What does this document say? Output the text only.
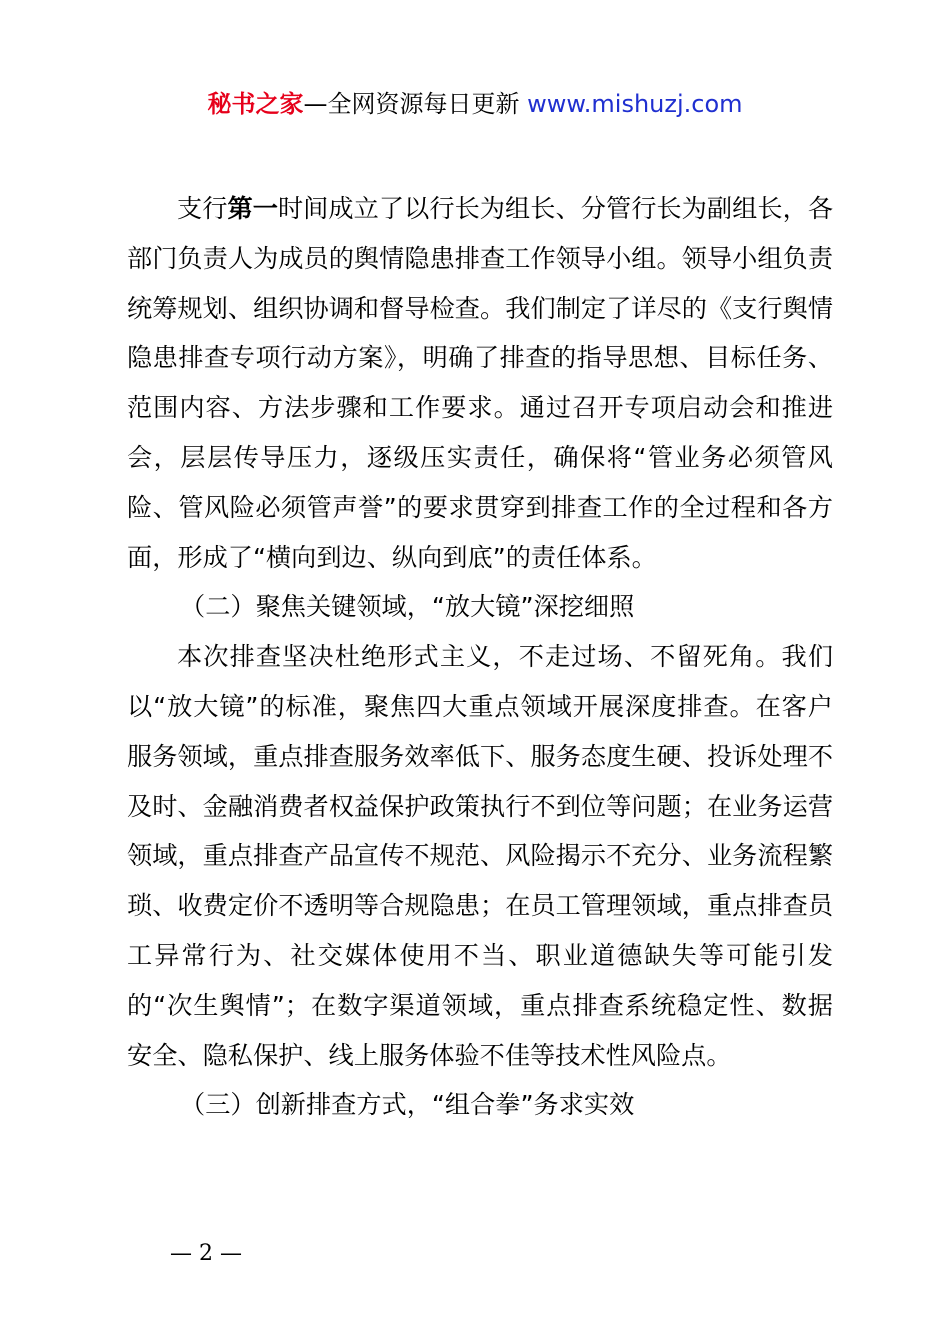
秘书之家—全网资源每日更新 www.mishuzj.com

支行第一时间成立了以行长为组长、分管行长为副组长，各部门负责人为成员的舆情隐患排查工作领导小组。领导小组负责统筹规划、组织协调和督导检查。我们制定了详尽的《支行舆情隐患排查专项行动方案》，明确了排查的指导思想、目标任务、范围内容、方法步骤和工作要求。通过召开专项启动会和推进会，层层传导压力，逐级压实责任，确保将“管业务必须管风险、管风险必须管声誉”的要求贯穿到排查工作的全过程和各方面，形成了“横向到边、纵向到底”的责任体系。

（二）聚焦关键领域，“放大镜”深挖细照

本次排查坚决杜绝形式主义，不走过场、不留死角。我们以“放大镜”的标准，聚焦四大重点领域开展深度排查。在客户服务领域，重点排查服务效率低下、服务态度生硬、投诉处理不及时、金融消费者权益保护政策执行不到位等问题；在业务运营领域，重点排查产品宣传不规范、风险揭示不充分、业务流程繁琐、收费定价不透明等合规隐患；在员工管理领域，重点排查员工异常行为、社交媒体使用不当、职业道德缺失等可能引发的“次生舆情”；在数字渠道领域，重点排查系统稳定性、数据安全、隐私保护、线上服务体验不佳等技术性风险点。

（三）创新排查方式，“组合拳”务求实效

— 2 —
